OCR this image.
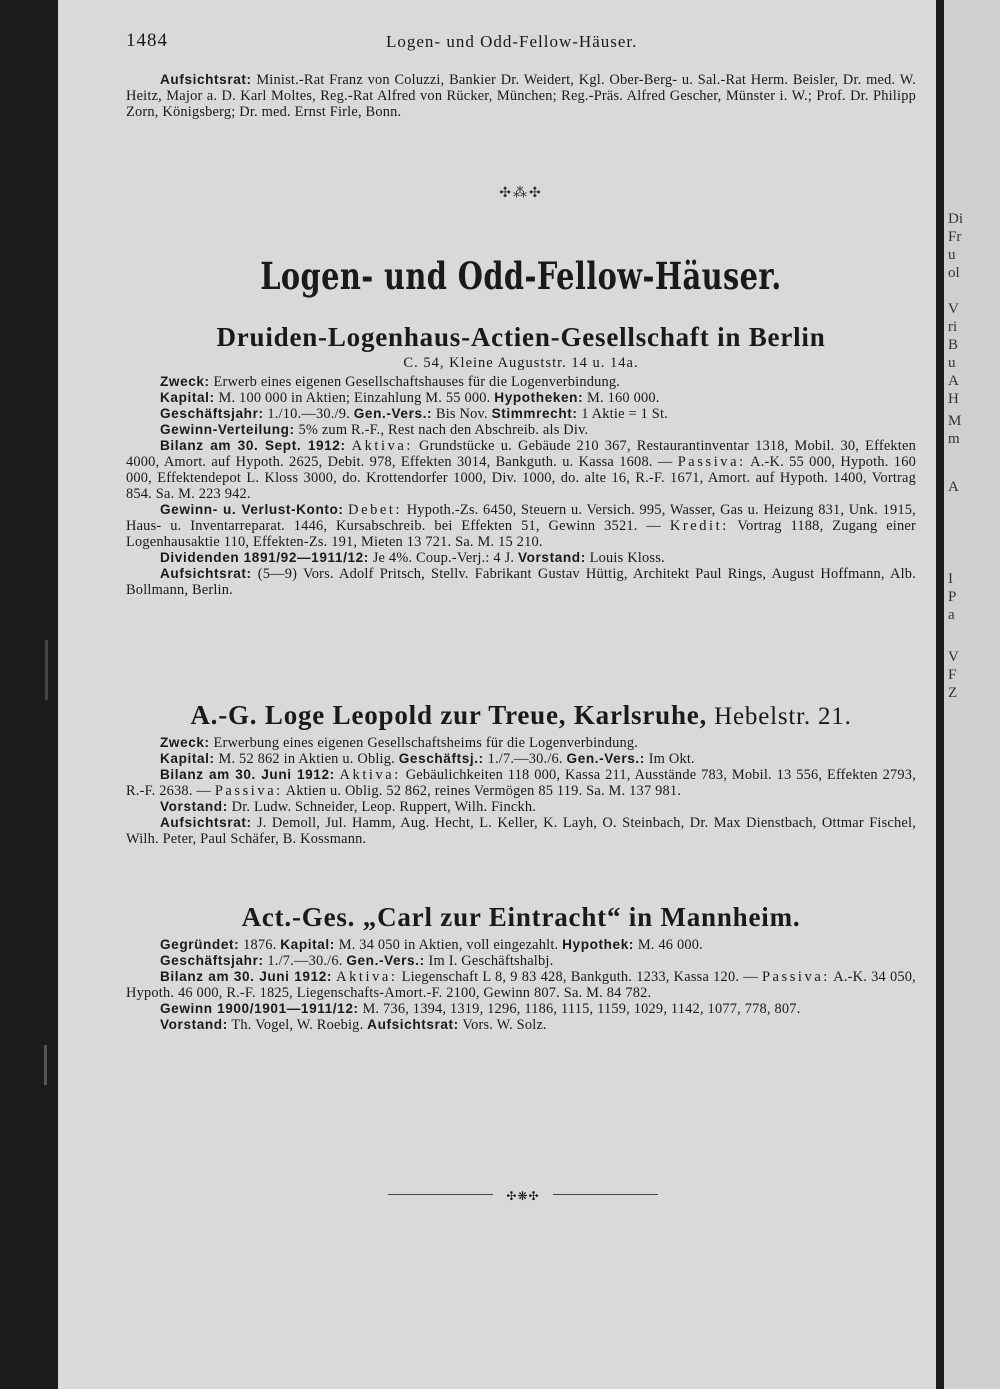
1484	Logen- und Odd-Fellow-Häuser.

Aufsichtsrat: Minist.-Rat Franz von Coluzzi, Bankier Dr. Weidert, Kgl. Ober-Berg- u. Sal.-Rat Herm. Beisler, Dr. med. W. Heitz, Major a. D. Karl Moltes, Reg.-Rat Alfred von Rücker, München; Reg.-Präs. Alfred Gescher, Münster i. W.; Prof. Dr. Philipp Zorn, Königsberg; Dr. med. Ernst Firle, Bonn.

✣⁂✣
Logen- und Odd-Fellow-Häuser.
Druiden-Logenhaus-Actien-Gesellschaft in Berlin
C. 54, Kleine Auguststr. 14 u. 14a.

Zweck: Erwerb eines eigenen Gesellschaftshauses für die Logenverbindung.

Kapital: M. 100 000 in Aktien; Einzahlung M. 55 000. Hypotheken: M. 160 000.

Geschäftsjahr: 1./10.—30./9. Gen.-Vers.: Bis Nov. Stimmrecht: 1 Aktie = 1 St.

Gewinn-Verteilung: 5% zum R.-F., Rest nach den Abschreib. als Div.

Bilanz am 30. Sept. 1912: Aktiva: Grundstücke u. Gebäude 210 367, Restaurantinventar 1318, Mobil. 30, Effekten 4000, Amort. auf Hypoth. 2625, Debit. 978, Effekten 3014, Bankguth. u. Kassa 1608. — Passiva: A.-K. 55 000, Hypoth. 160 000, Effektendepot L. Kloss 3000, do. Krottendorfer 1000, Div. 1000, do. alte 16, R.-F. 1671, Amort. auf Hypoth. 1400, Vortrag 854. Sa. M. 223 942.

Gewinn- u. Verlust-Konto: Debet: Hypoth.-Zs. 6450, Steuern u. Versich. 995, Wasser, Gas u. Heizung 831, Unk. 1915, Haus- u. Inventarreparat. 1446, Kursabschreib. bei Effekten 51, Gewinn 3521. — Kredit: Vortrag 1188, Zugang einer Logenhausaktie 110, Effekten-Zs. 191, Mieten 13 721. Sa. M. 15 210.

Dividenden 1891/92—1911/12: Je 4%. Coup.-Verj.: 4 J. Vorstand: Louis Kloss.

Aufsichtsrat: (5—9) Vors. Adolf Pritsch, Stellv. Fabrikant Gustav Hüttig, Architekt Paul Rings, August Hoffmann, Alb. Bollmann, Berlin.

A.-G. Loge Leopold zur Treue, Karlsruhe, Hebelstr. 21.

Zweck: Erwerbung eines eigenen Gesellschaftsheims für die Logenverbindung.

Kapital: M. 52 862 in Aktien u. Oblig. Geschäftsj.: 1./7.—30./6. Gen.-Vers.: Im Okt.

Bilanz am 30. Juni 1912: Aktiva: Gebäulichkeiten 118 000, Kassa 211, Ausstände 783, Mobil. 13 556, Effekten 2793, R.-F. 2638. — Passiva: Aktien u. Oblig. 52 862, reines Vermögen 85 119. Sa. M. 137 981.

Vorstand: Dr. Ludw. Schneider, Leop. Ruppert, Wilh. Finckh.

Aufsichtsrat: J. Demoll, Jul. Hamm, Aug. Hecht, L. Keller, K. Layh, O. Steinbach, Dr. Max Dienstbach, Ottmar Fischel, Wilh. Peter, Paul Schäfer, B. Kossmann.

Act.-Ges. „Carl zur Eintracht“ in Mannheim.

Gegründet: 1876. Kapital: M. 34 050 in Aktien, voll eingezahlt. Hypothek: M. 46 000.

Geschäftsjahr: 1./7.—30./6. Gen.-Vers.: Im I. Geschäftshalbj.

Bilanz am 30. Juni 1912: Aktiva: Liegenschaft L 8, 9 83 428, Bankguth. 1233, Kassa 120. — Passiva: A.-K. 34 050, Hypoth. 46 000, R.-F. 1825, Liegenschafts-Amort.-F. 2100, Gewinn 807. Sa. M. 84 782.

Gewinn 1900/1901—1911/12: M. 736, 1394, 1319, 1296, 1186, 1115, 1159, 1029, 1142, 1077, 778, 807.

Vorstand: Th. Vogel, W. Roebig. Aufsichtsrat: Vors. W. Solz.

✣❋✣
Di
Fr
u
ol
V
ri
B
u
A
H
M
m
A
I
P
a
V
F
Z
